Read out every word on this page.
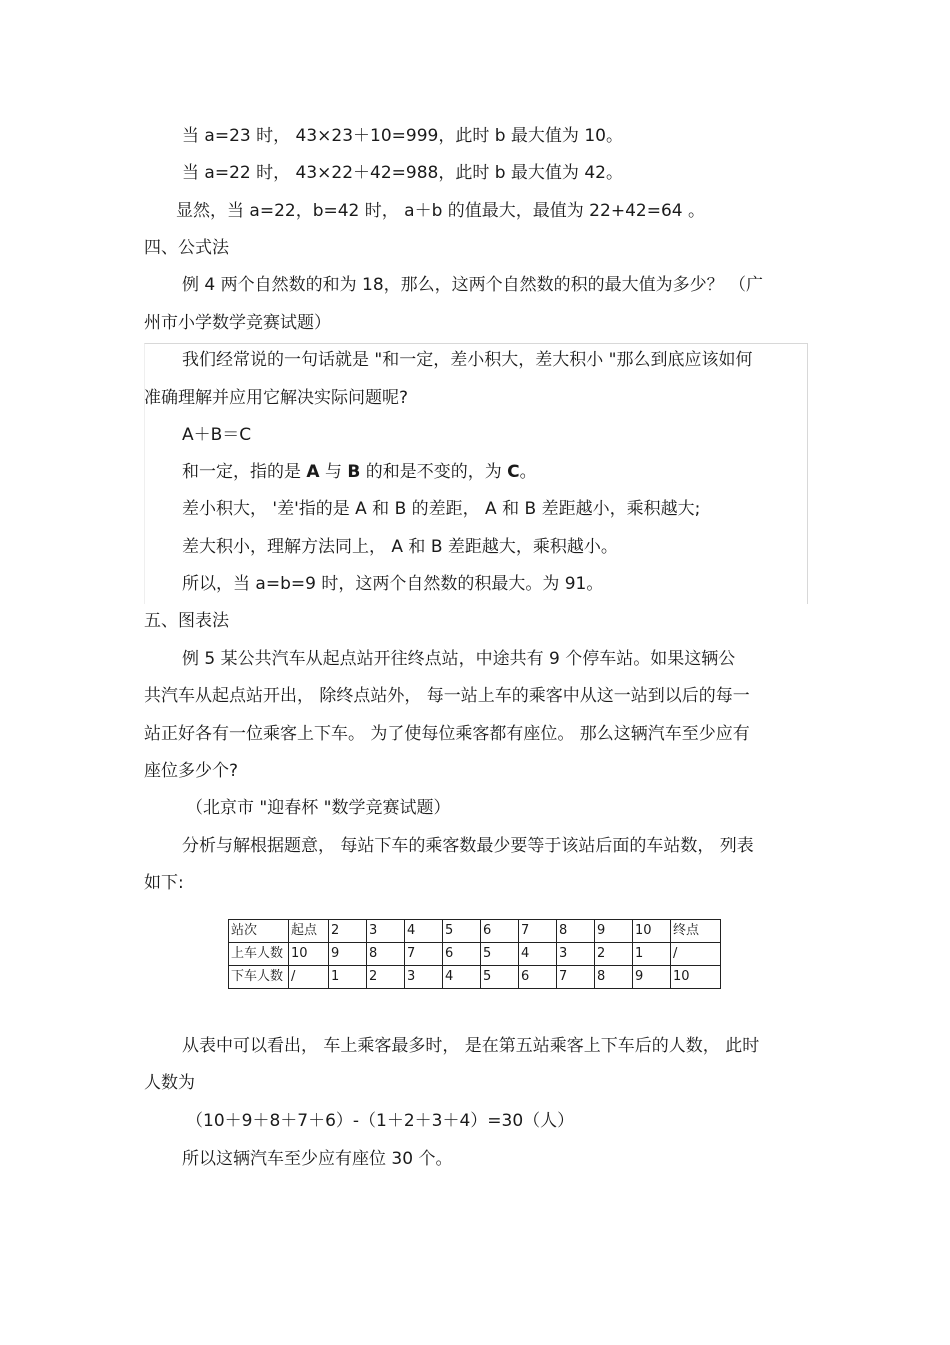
当 a=23 时， 43×23＋10=999，此时 b 最大值为 10。
当 a=22 时， 43×22＋42=988，此时 b 最大值为 42。
显然，当 a=22，b=42 时， a＋b 的值最大，最值为 22+42=64 。
四、公式法
例 4 两个自然数的和为 18，那么，这两个自然数的积的最大值为多少？ （广
州市小学数学竞赛试题）
我们经常说的一句话就是 "和一定，差小积大，差大积小 "那么到底应该如何
准确理解并应用它解决实际问题呢?
A＋B＝C
和一定，指的是 A 与 B 的和是不变的，为 C。
差小积大， '差'指的是 A 和 B 的差距， A 和 B 差距越小，乘积越大;
差大积小，理解方法同上， A 和 B 差距越大，乘积越小。
所以，当 a=b=9 时，这两个自然数的积最大。为 91。
五、图表法
例 5 某公共汽车从起点站开往终点站，中途共有 9 个停车站。如果这辆公
共汽车从起点站开出， 除终点站外， 每一站上车的乘客中从这一站到以后的每一
站正好各有一位乘客上下车。 为了使每位乘客都有座位。 那么这辆汽车至少应有
座位多少个?
（北京市 "迎春杯 "数学竞赛试题）
分析与解根据题意， 每站下车的乘客数最少要等于该站后面的车站数， 列表
如下:
站次	起点	2	3	4	5	6	7	8	9	10	终点
上车人数	10	9	8	7	6	5	4	3	2	1	/
下车人数	/	1	2	3	4	5	6	7	8	9	10
从表中可以看出， 车上乘客最多时， 是在第五站乘客上下车后的人数， 此时
人数为
（10＋9＋8＋7＋6）-（1＋2＋3＋4）=30（人）
所以这辆汽车至少应有座位 30 个。
